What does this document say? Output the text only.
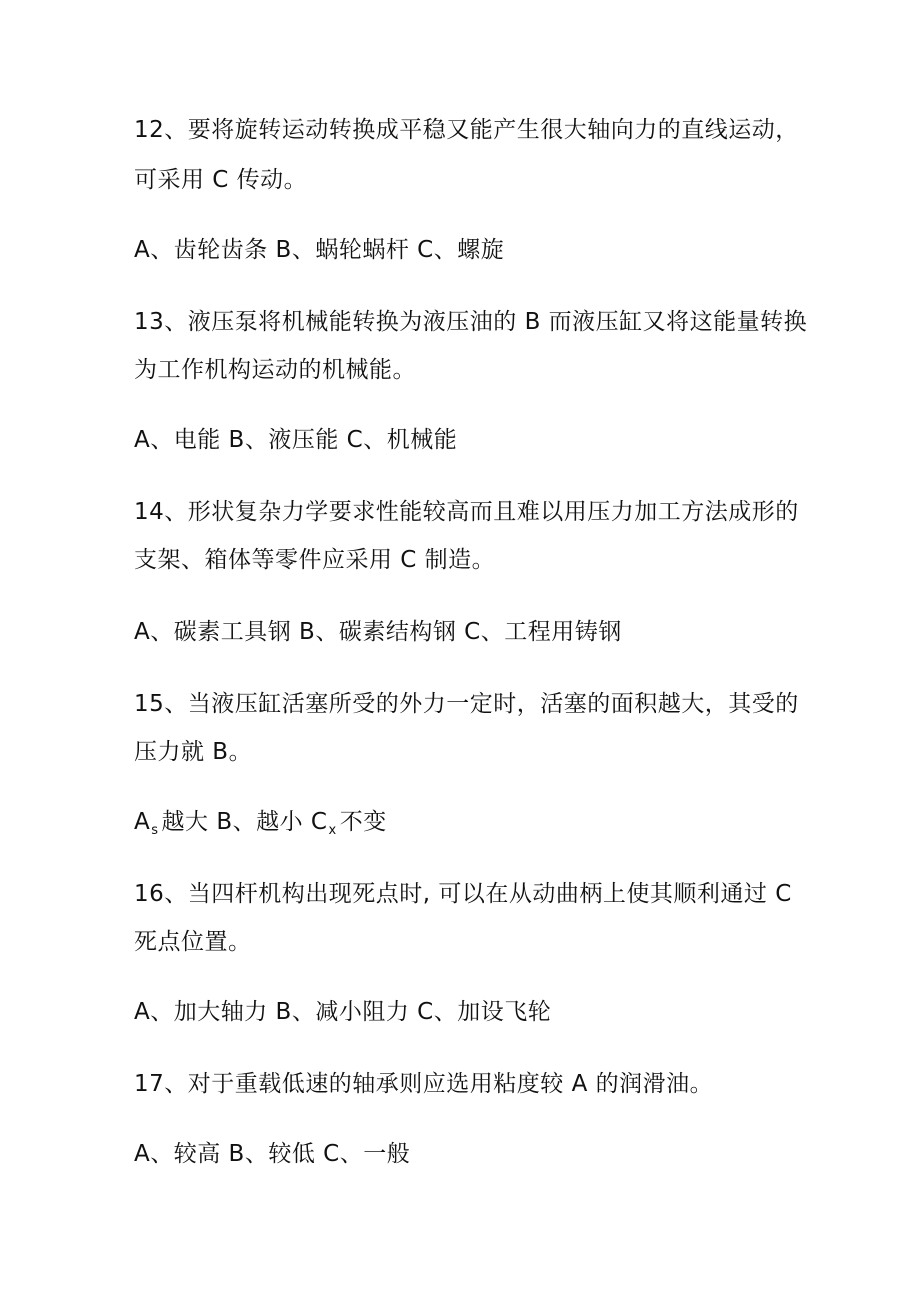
12、要将旋转运动转换成平稳又能产生很大轴向力的直线运动，

可采用 C 传动。

A、齿轮齿条 B、蜗轮蜗杆 C、螺旋

13、液压泵将机械能转换为液压油的 B 而液压缸又将这能量转换

为工作机构运动的机械能。

A、电能 B、液压能 C、机械能

14、形状复杂力学要求性能较高而且难以用压力加工方法成形的

支架、箱体等零件应采用 C 制造。

A、碳素工具钢 B、碳素结构钢 C、工程用铸钢

15、当液压缸活塞所受的外力一定时，活塞的面积越大，其受的

压力就 B。

$A_s$ 越大 B、越小 $C_x$ 不变

16、当四杆机构出现死点时, 可以在从动曲柄上使其顺利通过 C

死点位置。

A、加大轴力 B、减小阻力 C、加设飞轮

17、对于重载低速的轴承则应选用粘度较 A 的润滑油。

A、较高 B、较低 C、一般
